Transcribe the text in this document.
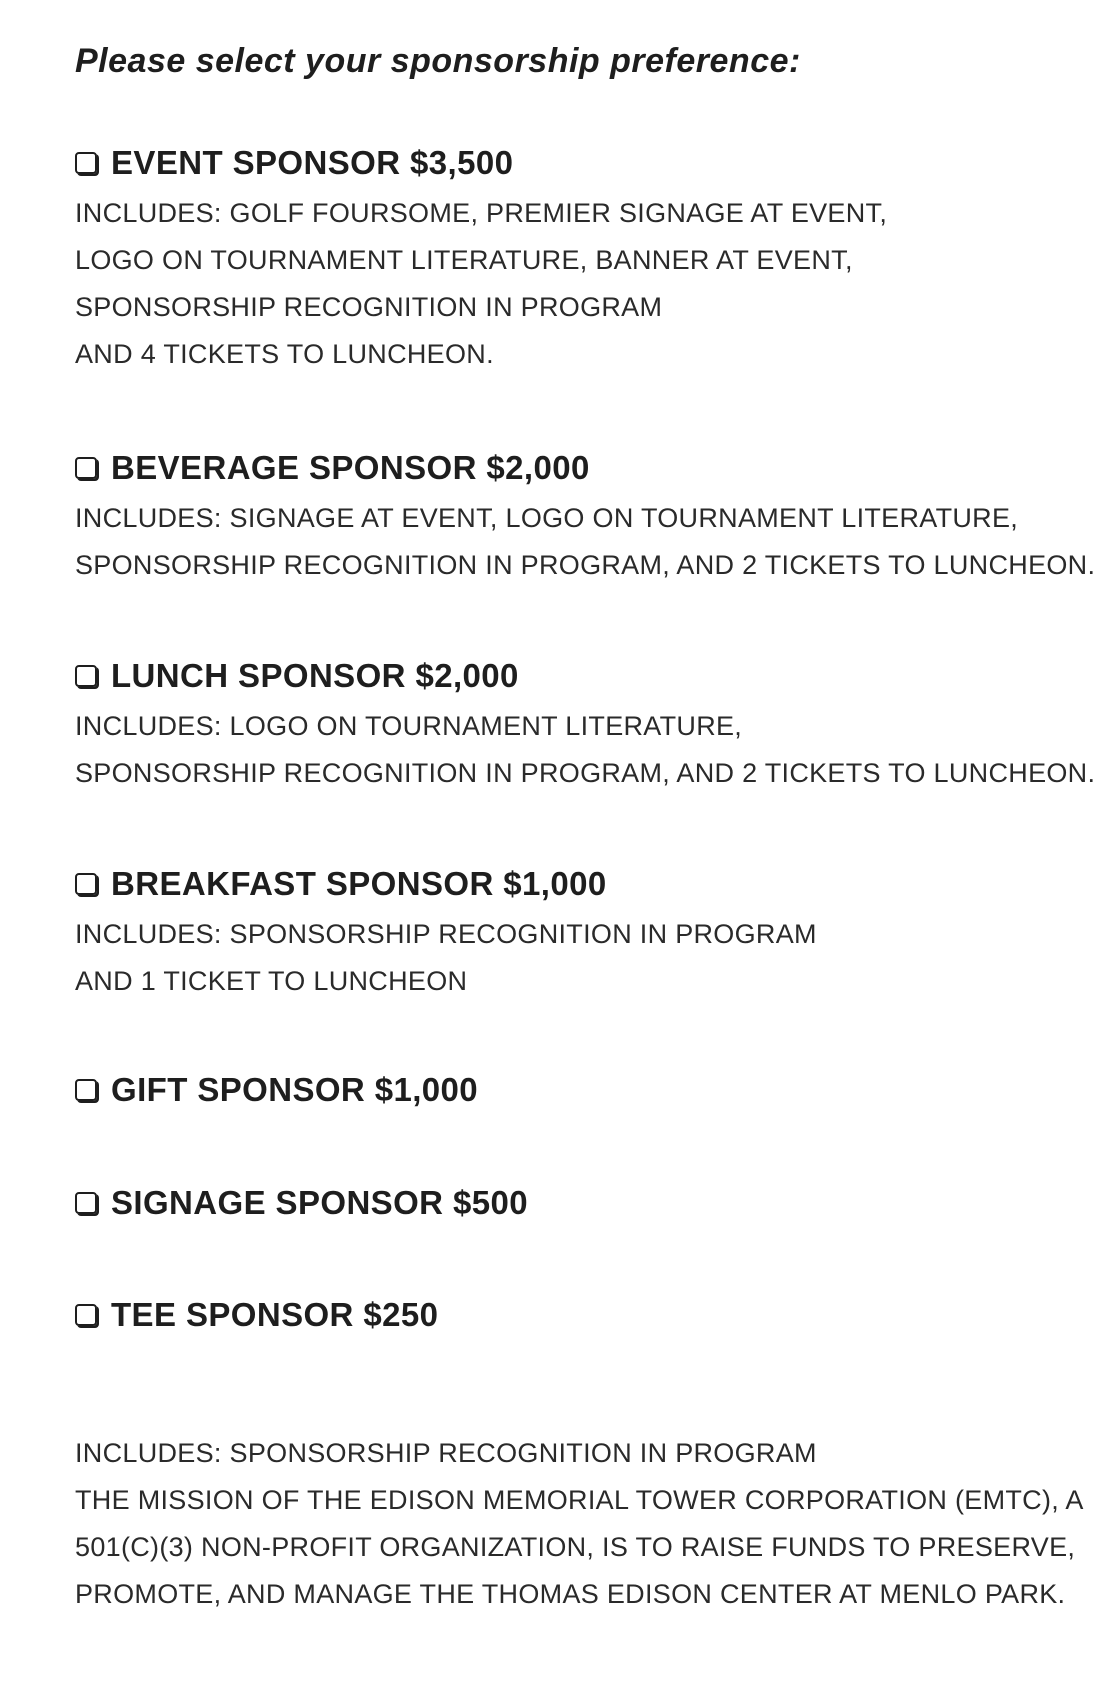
Please select your sponsorship preference:
EVENT SPONSOR $3,500
INCLUDES: GOLF FOURSOME, PREMIER SIGNAGE AT EVENT,
LOGO ON TOURNAMENT LITERATURE, BANNER AT EVENT,
SPONSORSHIP RECOGNITION IN PROGRAM
AND 4 TICKETS TO LUNCHEON.
BEVERAGE SPONSOR $2,000
INCLUDES: SIGNAGE AT EVENT, LOGO ON TOURNAMENT LITERATURE,
SPONSORSHIP RECOGNITION IN PROGRAM, AND 2 TICKETS TO LUNCHEON.
LUNCH SPONSOR $2,000
INCLUDES: LOGO ON TOURNAMENT LITERATURE,
SPONSORSHIP RECOGNITION IN PROGRAM, AND 2 TICKETS TO LUNCHEON.
BREAKFAST SPONSOR $1,000
INCLUDES: SPONSORSHIP RECOGNITION IN PROGRAM
AND 1 TICKET TO LUNCHEON
GIFT SPONSOR $1,000
SIGNAGE SPONSOR $500
TEE SPONSOR $250
INCLUDES: SPONSORSHIP RECOGNITION IN PROGRAM
THE MISSION OF THE EDISON MEMORIAL TOWER CORPORATION (EMTC), A
501(C)(3) NON-PROFIT ORGANIZATION, IS TO RAISE FUNDS TO PRESERVE,
PROMOTE, AND MANAGE THE THOMAS EDISON CENTER AT MENLO PARK.
